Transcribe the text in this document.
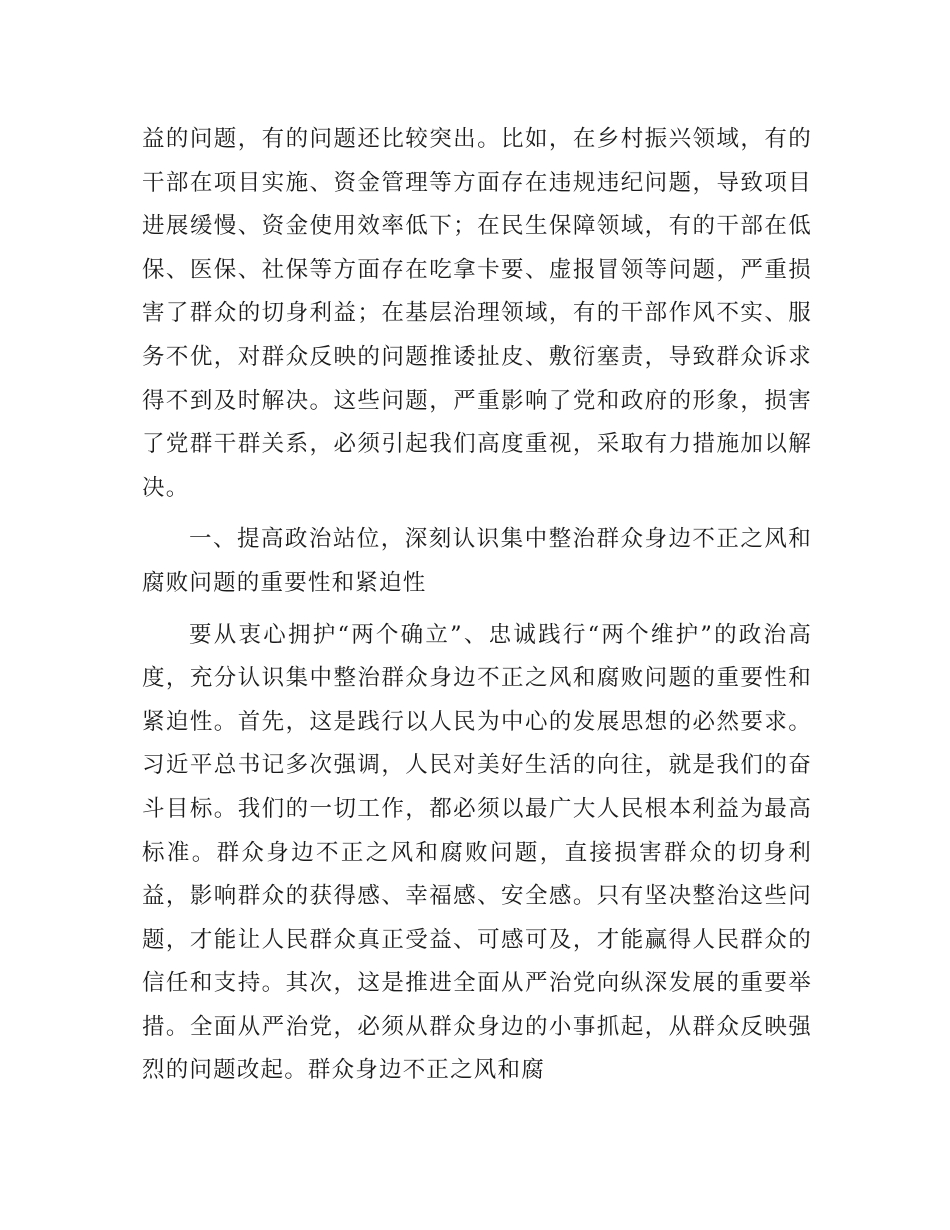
益的问题，有的问题还比较突出。比如，在乡村振兴领域，有的干部在项目实施、资金管理等方面存在违规违纪问题，导致项目进展缓慢、资金使用效率低下；在民生保障领域，有的干部在低保、医保、社保等方面存在吃拿卡要、虚报冒领等问题，严重损害了群众的切身利益；在基层治理领域，有的干部作风不实、服务不优，对群众反映的问题推诿扯皮、敷衍塞责，导致群众诉求得不到及时解决。这些问题，严重影响了党和政府的形象，损害了党群干群关系，必须引起我们高度重视，采取有力措施加以解决。

一、提高政治站位，深刻认识集中整治群众身边不正之风和腐败问题的重要性和紧迫性

要从衷心拥护“两个确立”、忠诚践行“两个维护”的政治高度，充分认识集中整治群众身边不正之风和腐败问题的重要性和紧迫性。首先，这是践行以人民为中心的发展思想的必然要求。习近平总书记多次强调，人民对美好生活的向往，就是我们的奋斗目标。我们的一切工作，都必须以最广大人民根本利益为最高标准。群众身边不正之风和腐败问题，直接损害群众的切身利益，影响群众的获得感、幸福感、安全感。只有坚决整治这些问题，才能让人民群众真正受益、可感可及，才能赢得人民群众的信任和支持。其次，这是推进全面从严治党向纵深发展的重要举措。全面从严治党，必须从群众身边的小事抓起，从群众反映强烈的问题改起。群众身边不正之风和腐
